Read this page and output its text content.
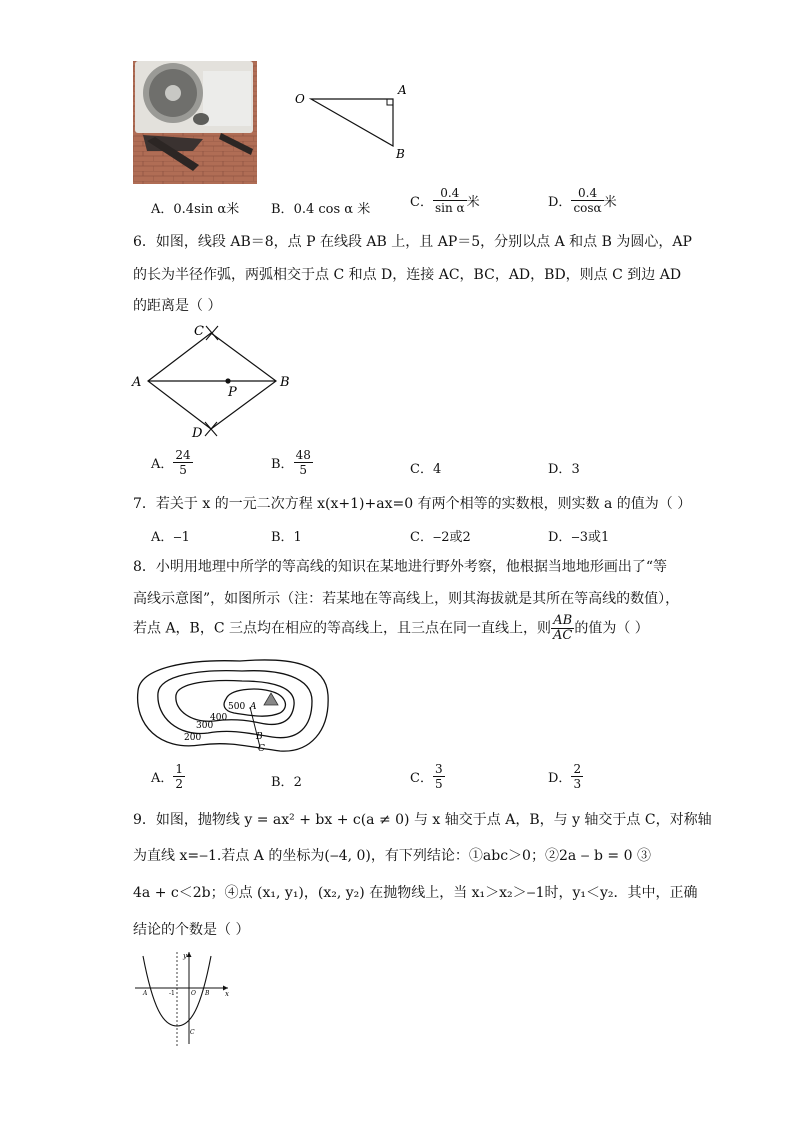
O
A
B
A．0.4sin α米 B．0.4 cos α 米	C． $\frac{0.4}{\text{sin α}}$ 米	D． $\frac{0.4}{\cos\alpha}$ 米
6．如图，线段 AB＝8，点 P 在线段 AB 上，且 AP＝5，分别以点 A 和点 B 为圆心，AP
的长为半径作弧，两弧相交于点 C 和点 D，连接 AC，BC，AD，BD，则点 C 到边 AD
的距离是（ ）
C
A	B
P
D
A． $\frac{24}{5}$	B． $\frac{48}{5}$	C．4	D．3
7．若关于 x 的一元二次方程 x(x+1)+ax=0 有两个相等的实数根，则实数 a 的值为（ ）
A．‒1	B．1	C．‒2或2	D．‒3或1
8．小明用地理中所学的等高线的知识在某地进行野外考察，他根据当地地形画出了“等
高线示意图”，如图所示（注：若某地在等高线上，则其海拔就是其所在等高线的数值），
若点 A，B，C 三点均在相应的等高线上，且三点在同一直线上，则 $\frac{AB}{AC}$ 的值为（ ）
500 A
400
300
200	B
C
A． $\frac{1}{2}$	B．2	C． $\frac{3}{5}$	D． $\frac{2}{3}$
9．如图，抛物线 y = ax² + bx + c(a ≠ 0) 与 x 轴交于点 A，B，与 y 轴交于点 C，对称轴
为直线 x=‒1.若点 A 的坐标为(‒4, 0)，有下列结论：①abc＞0；②2a ‒ b = 0 ③
4a + c＜2b；④点 (x₁, y₁)，(x₂, y₂) 在抛物线上，当 x₁＞x₂＞‒1时，y₁＜y₂．其中，正确
结论的个数是（ ）
y
x
A	-1	O B
C
